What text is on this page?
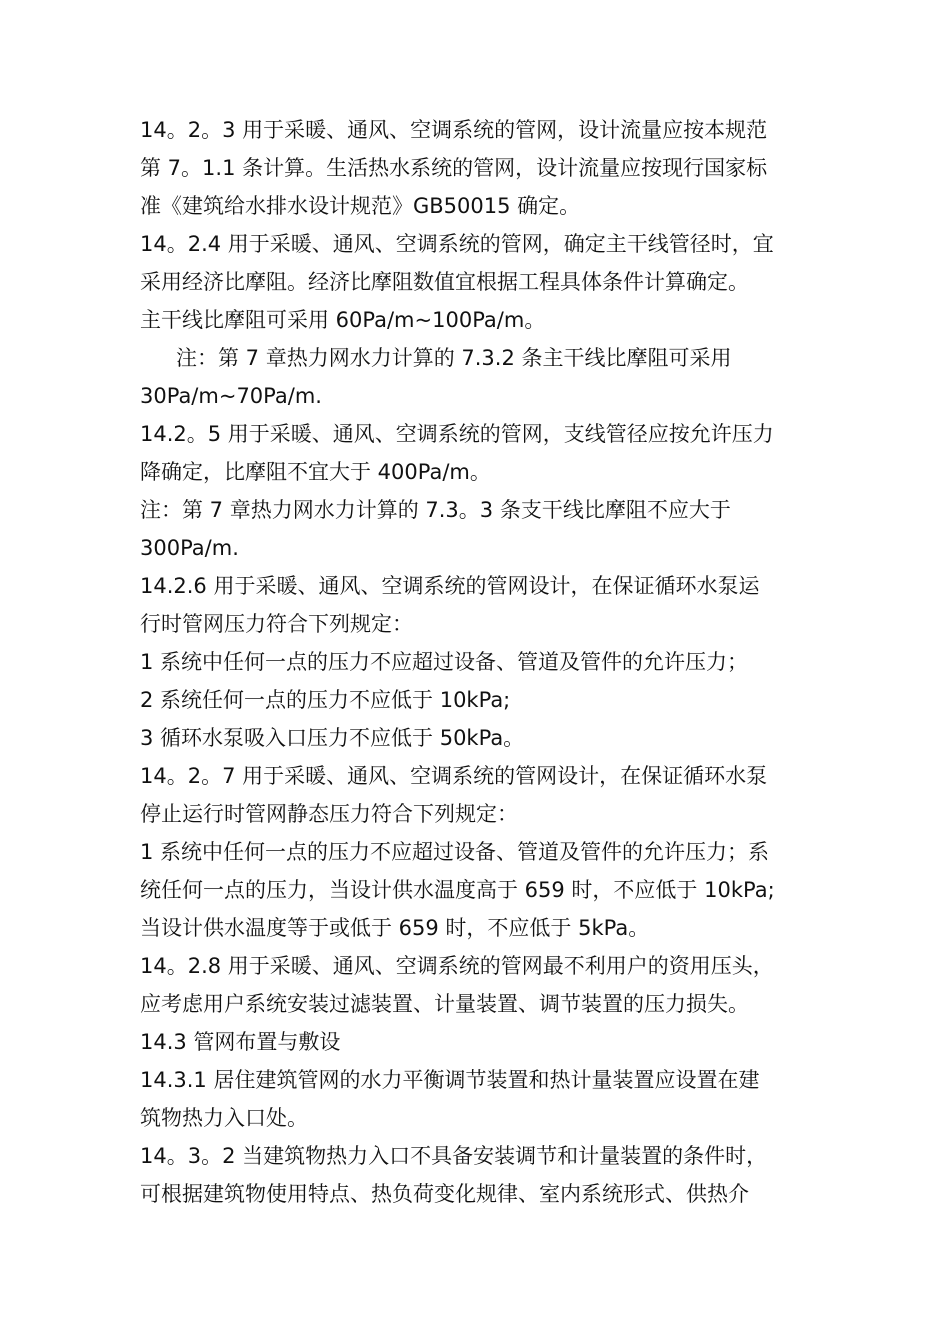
14。2。3 用于采暖、通风、空调系统的管网，设计流量应按本规范
第 7。1.1 条计算。生活热水系统的管网，设计流量应按现行国家标
准《建筑给水排水设计规范》GB50015 确定。
14。2.4 用于采暖、通风、空调系统的管网，确定主干线管径时，宜
采用经济比摩阻。经济比摩阻数值宜根据工程具体条件计算确定。
主干线比摩阻可采用 60Pa/m~100Pa/m。
注：第 7 章热力网水力计算的 7.3.2 条主干线比摩阻可采用
30Pa/m~70Pa/m.
14.2。5 用于采暖、通风、空调系统的管网，支线管径应按允许压力
降确定，比摩阻不宜大于 400Pa/m。
注：第 7 章热力网水力计算的 7.3。3 条支干线比摩阻不应大于
300Pa/m.
14.2.6 用于采暖、通风、空调系统的管网设计，在保证循环水泵运
行时管网压力符合下列规定：
1 系统中任何一点的压力不应超过设备、管道及管件的允许压力；
2 系统任何一点的压力不应低于 10kPa;
3 循环水泵吸入口压力不应低于 50kPa。
14。2。7 用于采暖、通风、空调系统的管网设计，在保证循环水泵
停止运行时管网静态压力符合下列规定：
1 系统中任何一点的压力不应超过设备、管道及管件的允许压力；系
统任何一点的压力，当设计供水温度高于 659 时，不应低于 10kPa;
当设计供水温度等于或低于 659 时，不应低于 5kPa。
14。2.8 用于采暖、通风、空调系统的管网最不利用户的资用压头，
应考虑用户系统安装过滤装置、计量装置、调节装置的压力损失。
14.3 管网布置与敷设
14.3.1 居住建筑管网的水力平衡调节装置和热计量装置应设置在建
筑物热力入口处。
14。3。2 当建筑物热力入口不具备安装调节和计量装置的条件时，
可根据建筑物使用特点、热负荷变化规律、室内系统形式、供热介
